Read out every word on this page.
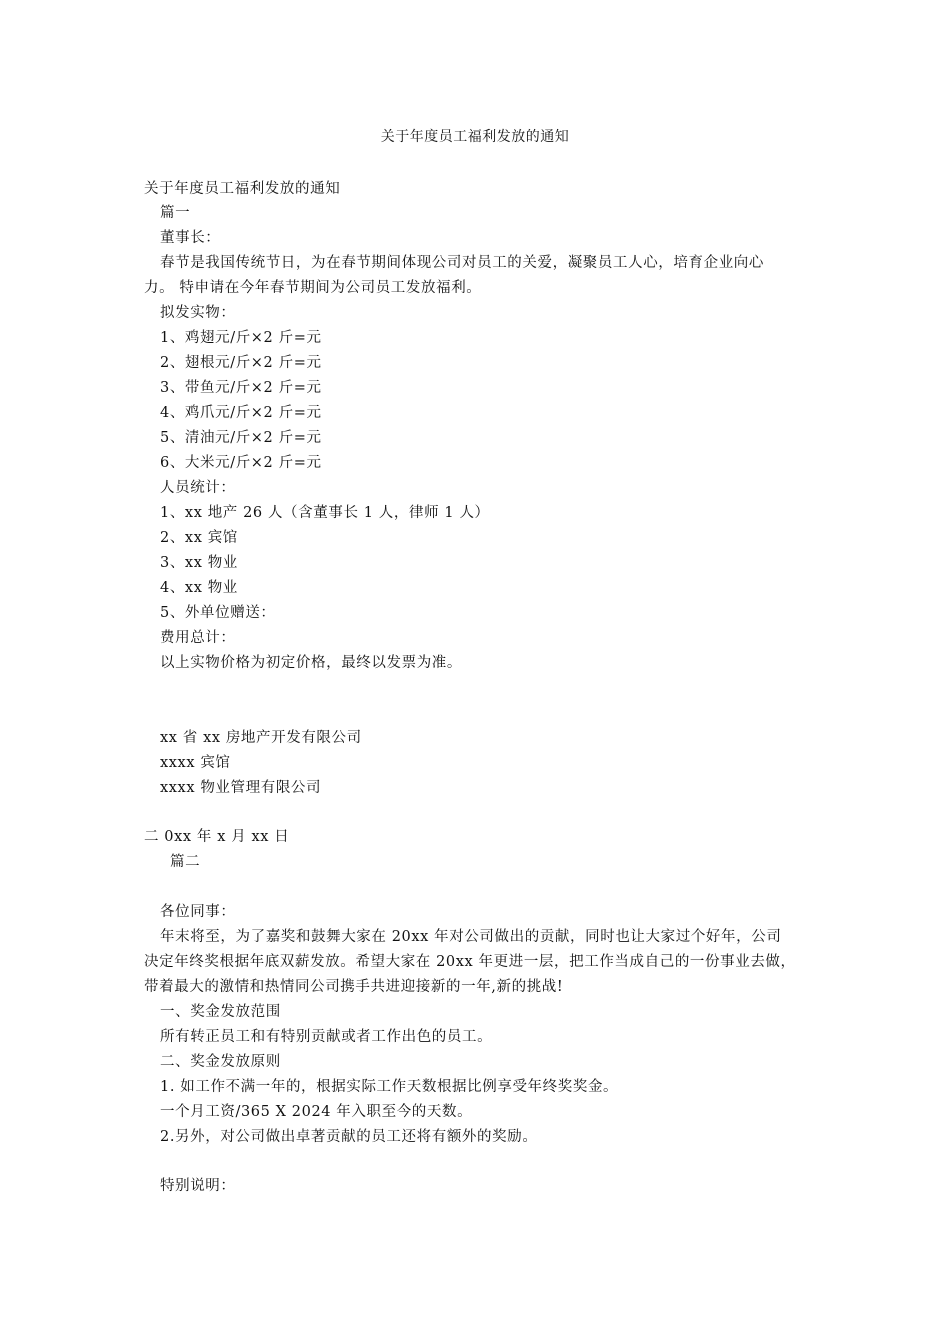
关于年度员工福利发放的通知
关于年度员工福利发放的通知
篇一
董事长：
春节是我国传统节日，为在春节期间体现公司对员工的关爱，凝聚员工人心，培育企业向心
力。 特申请在今年春节期间为公司员工发放福利。
拟发实物：
1、鸡翅元/斤×2 斤=元
2、翅根元/斤×2 斤=元
3、带鱼元/斤×2 斤=元
4、鸡爪元/斤×2 斤=元
5、清油元/斤×2 斤=元
6、大米元/斤×2 斤=元
人员统计：
1、xx 地产 26 人（含董事长 1 人，律师 1 人）
2、xx 宾馆
3、xx 物业
4、xx 物业
5、外单位赠送：
费用总计：
以上实物价格为初定价格，最终以发票为准。
xx 省 xx 房地产开发有限公司
xxxx 宾馆
xxxx 物业管理有限公司
二 0xx 年 x 月 xx 日
篇二
各位同事：
年末将至，为了嘉奖和鼓舞大家在 20xx 年对公司做出的贡献，同时也让大家过个好年，公司
决定年终奖根据年底双薪发放。希望大家在 20xx 年更进一层，把工作当成自己的一份事业去做，
带着最大的激情和热情同公司携手共进迎接新的一年,新的挑战!
一、奖金发放范围
所有转正员工和有特别贡献或者工作出色的员工。
二、奖金发放原则
1. 如工作不满一年的，根据实际工作天数根据比例享受年终奖奖金。
一个月工资/365 X 2024 年入职至今的天数。
2.另外，对公司做出卓著贡献的员工还将有额外的奖励。
特别说明：
